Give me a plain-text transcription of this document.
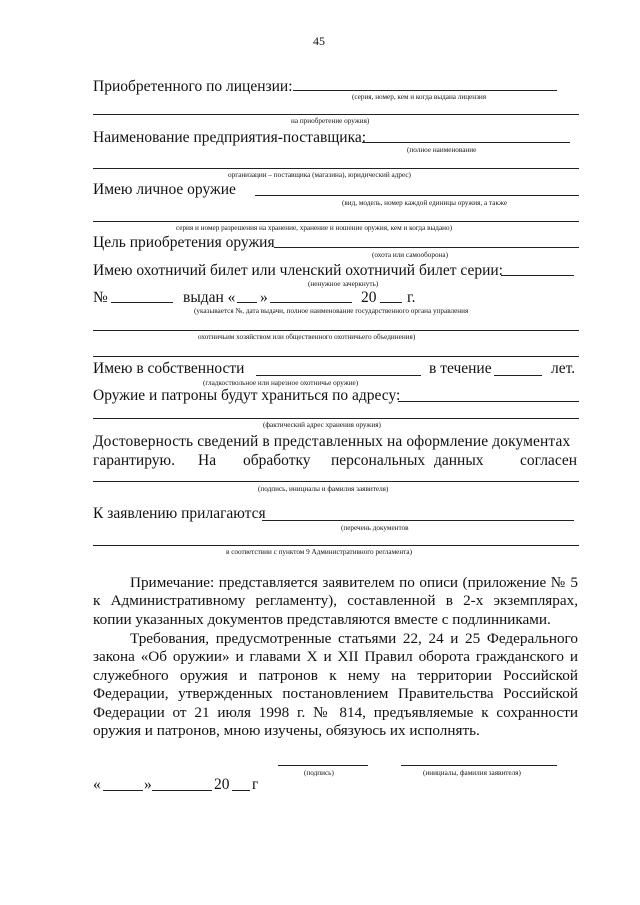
45
Приобретенного по лицензии:
(серия, номер, кем и когда выдана лицензия
на приобретение оружия)
Наименование предприятия-поставщика:
(полное наименование
организации – поставщика (магазина), юридический адрес)
Имею личное оружие
(вид, модель, номер каждой единицы оружия, а также
серия и номер разрешения на хранение, хранение и ношение оружия, кем и когда выдано)
Цель приобретения оружия
(охота или самооборона)
Имею охотничий билет или членский охотничий билет серии:
(ненужное зачеркнуть)
№	выдан « »	20 г.
(указывается №, дата выдачи, полное наименование государственного органа управления
охотничьим хозяйством или общественного охотничьего объединения)
Имею в собственности	в течение	лет.
(гладкоствольное или нарезное охотничье оружие)
Оружие и патроны будут храниться по адресу:
(фактический адрес хранения оружия)
Достоверность сведений в представленных на оформление документах
гарантирую. На обработку персональных данных согласен
(подпись, инициалы и фамилия заявителя)
К заявлению прилагаются
(перечень документов
в соответствии с пунктом 9 Административного регламента)
Примечание: представляется заявителем по описи (приложение № 5 к Административному регламенту), составленной в 2-х экземплярах, копии указанных документов представляются вместе с подлинниками.
Требования, предусмотренные статьями 22, 24 и 25 Федерального закона «Об оружии» и главами X и XII Правил оборота гражданского и служебного оружия и патронов к нему на территории Российской Федерации, утвержденных постановлением Правительства Российской Федерации от 21 июля 1998 г. № 814, предъявляемые к сохранности оружия и патронов, мною изучены, обязуюсь их исполнять.
(подпись)	(инициалы, фамилия заявителя)
«	»	20 г
